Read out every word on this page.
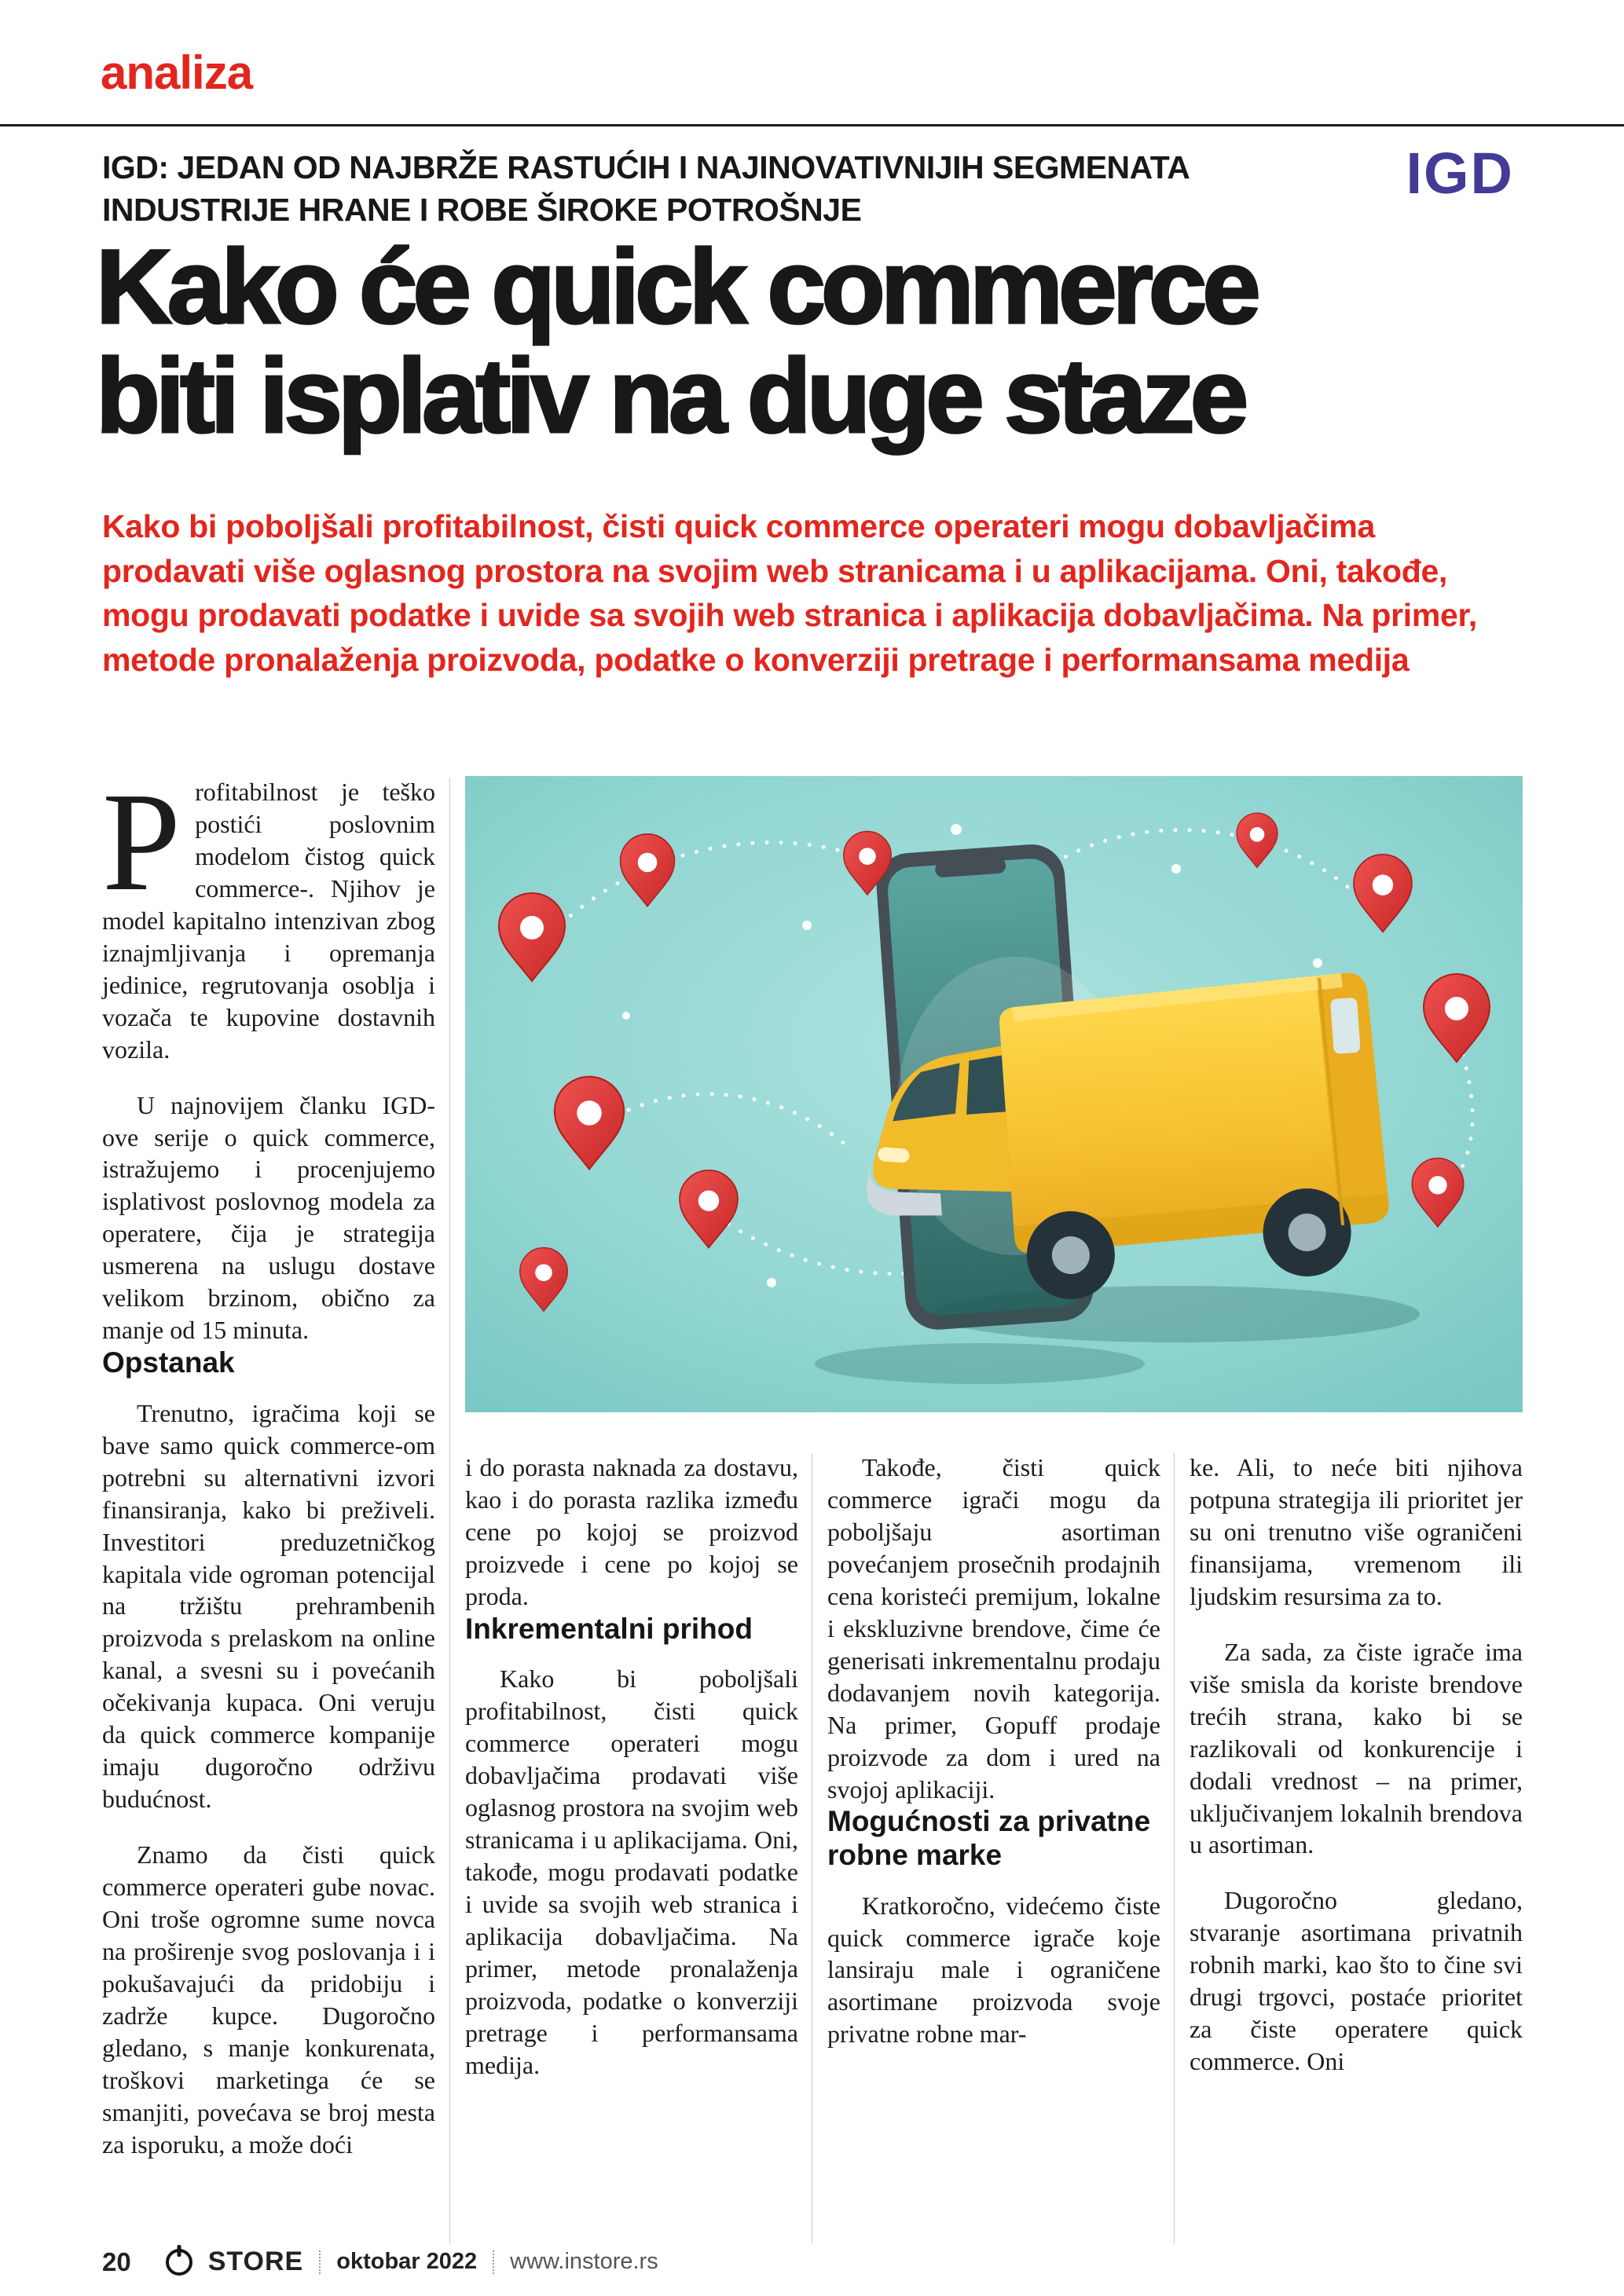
analiza
IGD: JEDAN OD NAJBRŽE RASTUĆIH I NAJINOVATIVNIJIH SEGMENATA
INDUSTRIJE HRANE I ROBE ŠIROKE POTROŠNJE
IGD
Kako će quick commerce
biti isplativ na duge staze
Kako bi poboljšali profitabilnost, čisti quick commerce operateri mogu dobavljačima prodavati više oglasnog prostora na svojim web stranicama i u aplikacijama. Oni, takođe, mogu prodavati podatke i uvide sa svojih web stranica i aplikacija dobavljačima. Na primer, metode pronalaženja proizvoda, podatke o konverziji pretrage i performansama medija

Profitabilnost je teško postići poslovnim modelom čistog quick commerce-. Njihov je model kapitalno intenzivan zbog iznajmljivanja i opremanja jedinice, regrutovanja osoblja i vozača te kupovine dostavnih vozila.

U najnovijem članku IGD-ove serije o quick commerce, istražujemo i procenjujemo isplativost poslovnog modela za operatere, čija je strategija usmerena na uslugu dostave velikom brzinom, obično za manje od 15 minuta.

Opstanak

Trenutno, igračima koji se bave samo quick commerce-om potrebni su alternativni izvori finansiranja, kako bi preživeli. Investitori preduzetničkog kapitala vide ogroman potencijal na tržištu prehrambenih proizvoda s prelaskom na online kanal, a svesni su i povećanih očekivanja kupaca. Oni veruju da quick commerce kompanije imaju dugoročno održivu budućnost.

Znamo da čisti quick commerce operateri gube novac. Oni troše ogromne sume novca na proširenje svog poslovanja i i pokušavajući da pridobiju i zadrže kupce. Dugoročno gledano, s manje konkurenata, troškovi marketinga će se smanjiti, povećava se broj mesta za isporuku, a može doći

i do porasta naknada za dostavu, kao i do porasta razlika između cene po kojoj se proizvod proizvede i cene po kojoj se proda.

Inkrementalni prihod

Kako bi poboljšali profitabilnost, čisti quick commerce operateri mogu dobavljačima prodavati više oglasnog prostora na svojim web stranicama i u aplikacijama. Oni, takođe, mogu prodavati podatke i uvide sa svojih web stranica i aplikacija dobavljačima. Na primer, metode pronalaženja proizvoda, podatke o konverziji pretrage i performansama medija.

Takođe, čisti quick commerce igrači mogu da poboljšaju asortiman povećanjem prosečnih prodajnih cena koristeći premijum, lokalne i ekskluzivne brendove, čime će generisati inkrementalnu prodaju dodavanjem novih kategorija. Na primer, Gopuff prodaje proizvode za dom i ured na svojoj aplikaciji.

Mogućnosti za privatne robne marke

Kratkoročno, videćemo čiste quick commerce igrače koje lansiraju male i ograničene asortimane proizvoda svoje privatne robne mar-

ke. Ali, to neće biti njihova potpuna strategija ili prioritet jer su oni trenutno više ograničeni finansijama, vremenom ili ljudskim resursima za to.

Za sada, za čiste igrače ima više smisla da koriste brendove trećih strana, kako bi se razlikovali od konkurencije i dodali vrednost – na primer, uključivanjem lokalnih brendova u asortiman.

Dugoročno gledano, stvaranje asortimana privatnih robnih marki, kao što to čine svi drugi trgovci, postaće prioritet za čiste operatere quick commerce. Oni

20	STORE oktobar 2022 www.instore.rs
